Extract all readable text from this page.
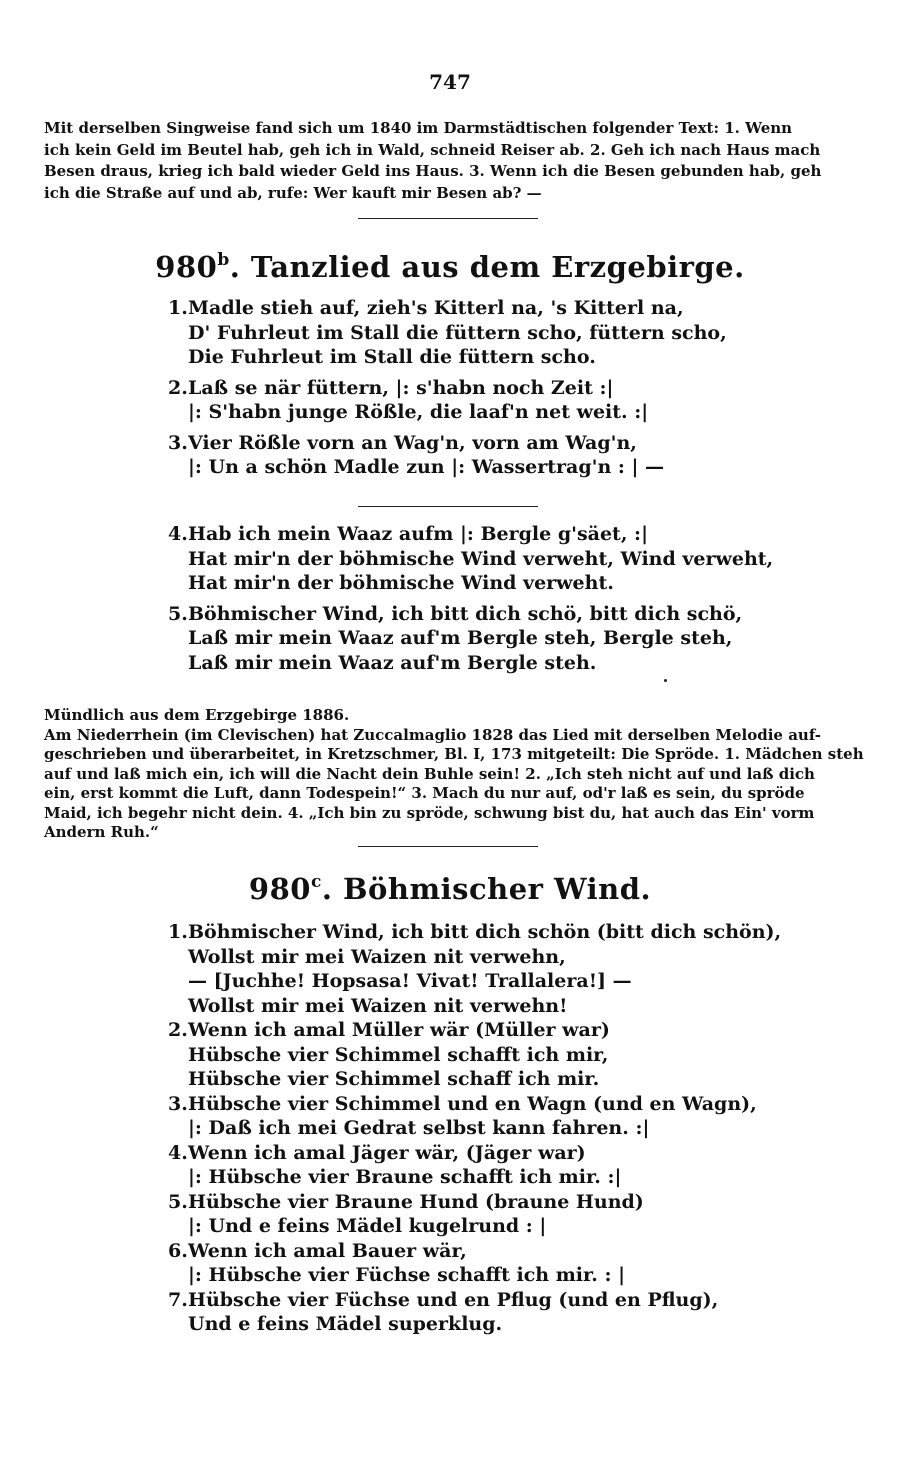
747
Mit derselben Singweise fand sich um 1840 im Darmstädtischen folgender Text: 1. Wenn
ich kein Geld im Beutel hab, geh ich in Wald, schneid Reiser ab. 2. Geh ich nach Haus mach
Besen draus, krieg ich bald wieder Geld ins Haus. 3. Wenn ich die Besen gebunden hab, geh
ich die Straße auf und ab, rufe: Wer kauft mir Besen ab? —
980$^b$. Tanzlied aus dem Erzgebirge.
1.Madle stieh auf, zieh's Kitterl na, 's Kitterl na,
D' Fuhrleut im Stall die füttern scho, füttern scho,
Die Fuhrleut im Stall die füttern scho.
2.Laß se när füttern, |: s'habn noch Zeit :|
|: S'habn junge Rößle, die laaf'n net weit. :|
3.Vier Rößle vorn an Wag'n, vorn am Wag'n,
|: Un a schön Madle zun |: Wassertrag'n : | —
4.Hab ich mein Waaz aufm |: Bergle g'säet, :|
Hat mir'n der böhmische Wind verweht, Wind verweht,
Hat mir'n der böhmische Wind verweht.
5.Böhmischer Wind, ich bitt dich schö, bitt dich schö,
Laß mir mein Waaz auf'm Bergle steh, Bergle steh,
Laß mir mein Waaz auf'm Bergle steh.
Mündlich aus dem Erzgebirge 1886.
Am Niederrhein (im Clevischen) hat Zuccalmaglio 1828 das Lied mit derselben Melodie auf-
geschrieben und überarbeitet, in Kretzschmer, Bl. I, 173 mitgeteilt: Die Spröde. 1. Mädchen steh
auf und laß mich ein, ich will die Nacht dein Buhle sein! 2. „Ich steh nicht auf und laß dich
ein, erst kommt die Luft, dann Todespein!“ 3. Mach du nur auf, od'r laß es sein, du spröde
Maid, ich begehr nicht dein. 4. „Ich bin zu spröde, schwung bist du, hat auch das Ein' vorm
Andern Ruh.“
980$^c$. Böhmischer Wind.
1.Böhmischer Wind, ich bitt dich schön (bitt dich schön),
Wollst mir mei Waizen nit verwehn,
— [Juchhe! Hopsasa! Vivat! Trallalera!] —
Wollst mir mei Waizen nit verwehn!
2.Wenn ich amal Müller wär (Müller war)
Hübsche vier Schimmel schafft ich mir,
Hübsche vier Schimmel schaff ich mir.
3.Hübsche vier Schimmel und en Wagn (und en Wagn),
|: Daß ich mei Gedrat selbst kann fahren. :|
4.Wenn ich amal Jäger wär, (Jäger war)
|: Hübsche vier Braune schafft ich mir. :|
5.Hübsche vier Braune Hund (braune Hund)
|: Und e feins Mädel kugelrund : |
6.Wenn ich amal Bauer wär,
|: Hübsche vier Füchse schafft ich mir. : |
7.Hübsche vier Füchse und en Pflug (und en Pflug),
Und e feins Mädel superklug.
